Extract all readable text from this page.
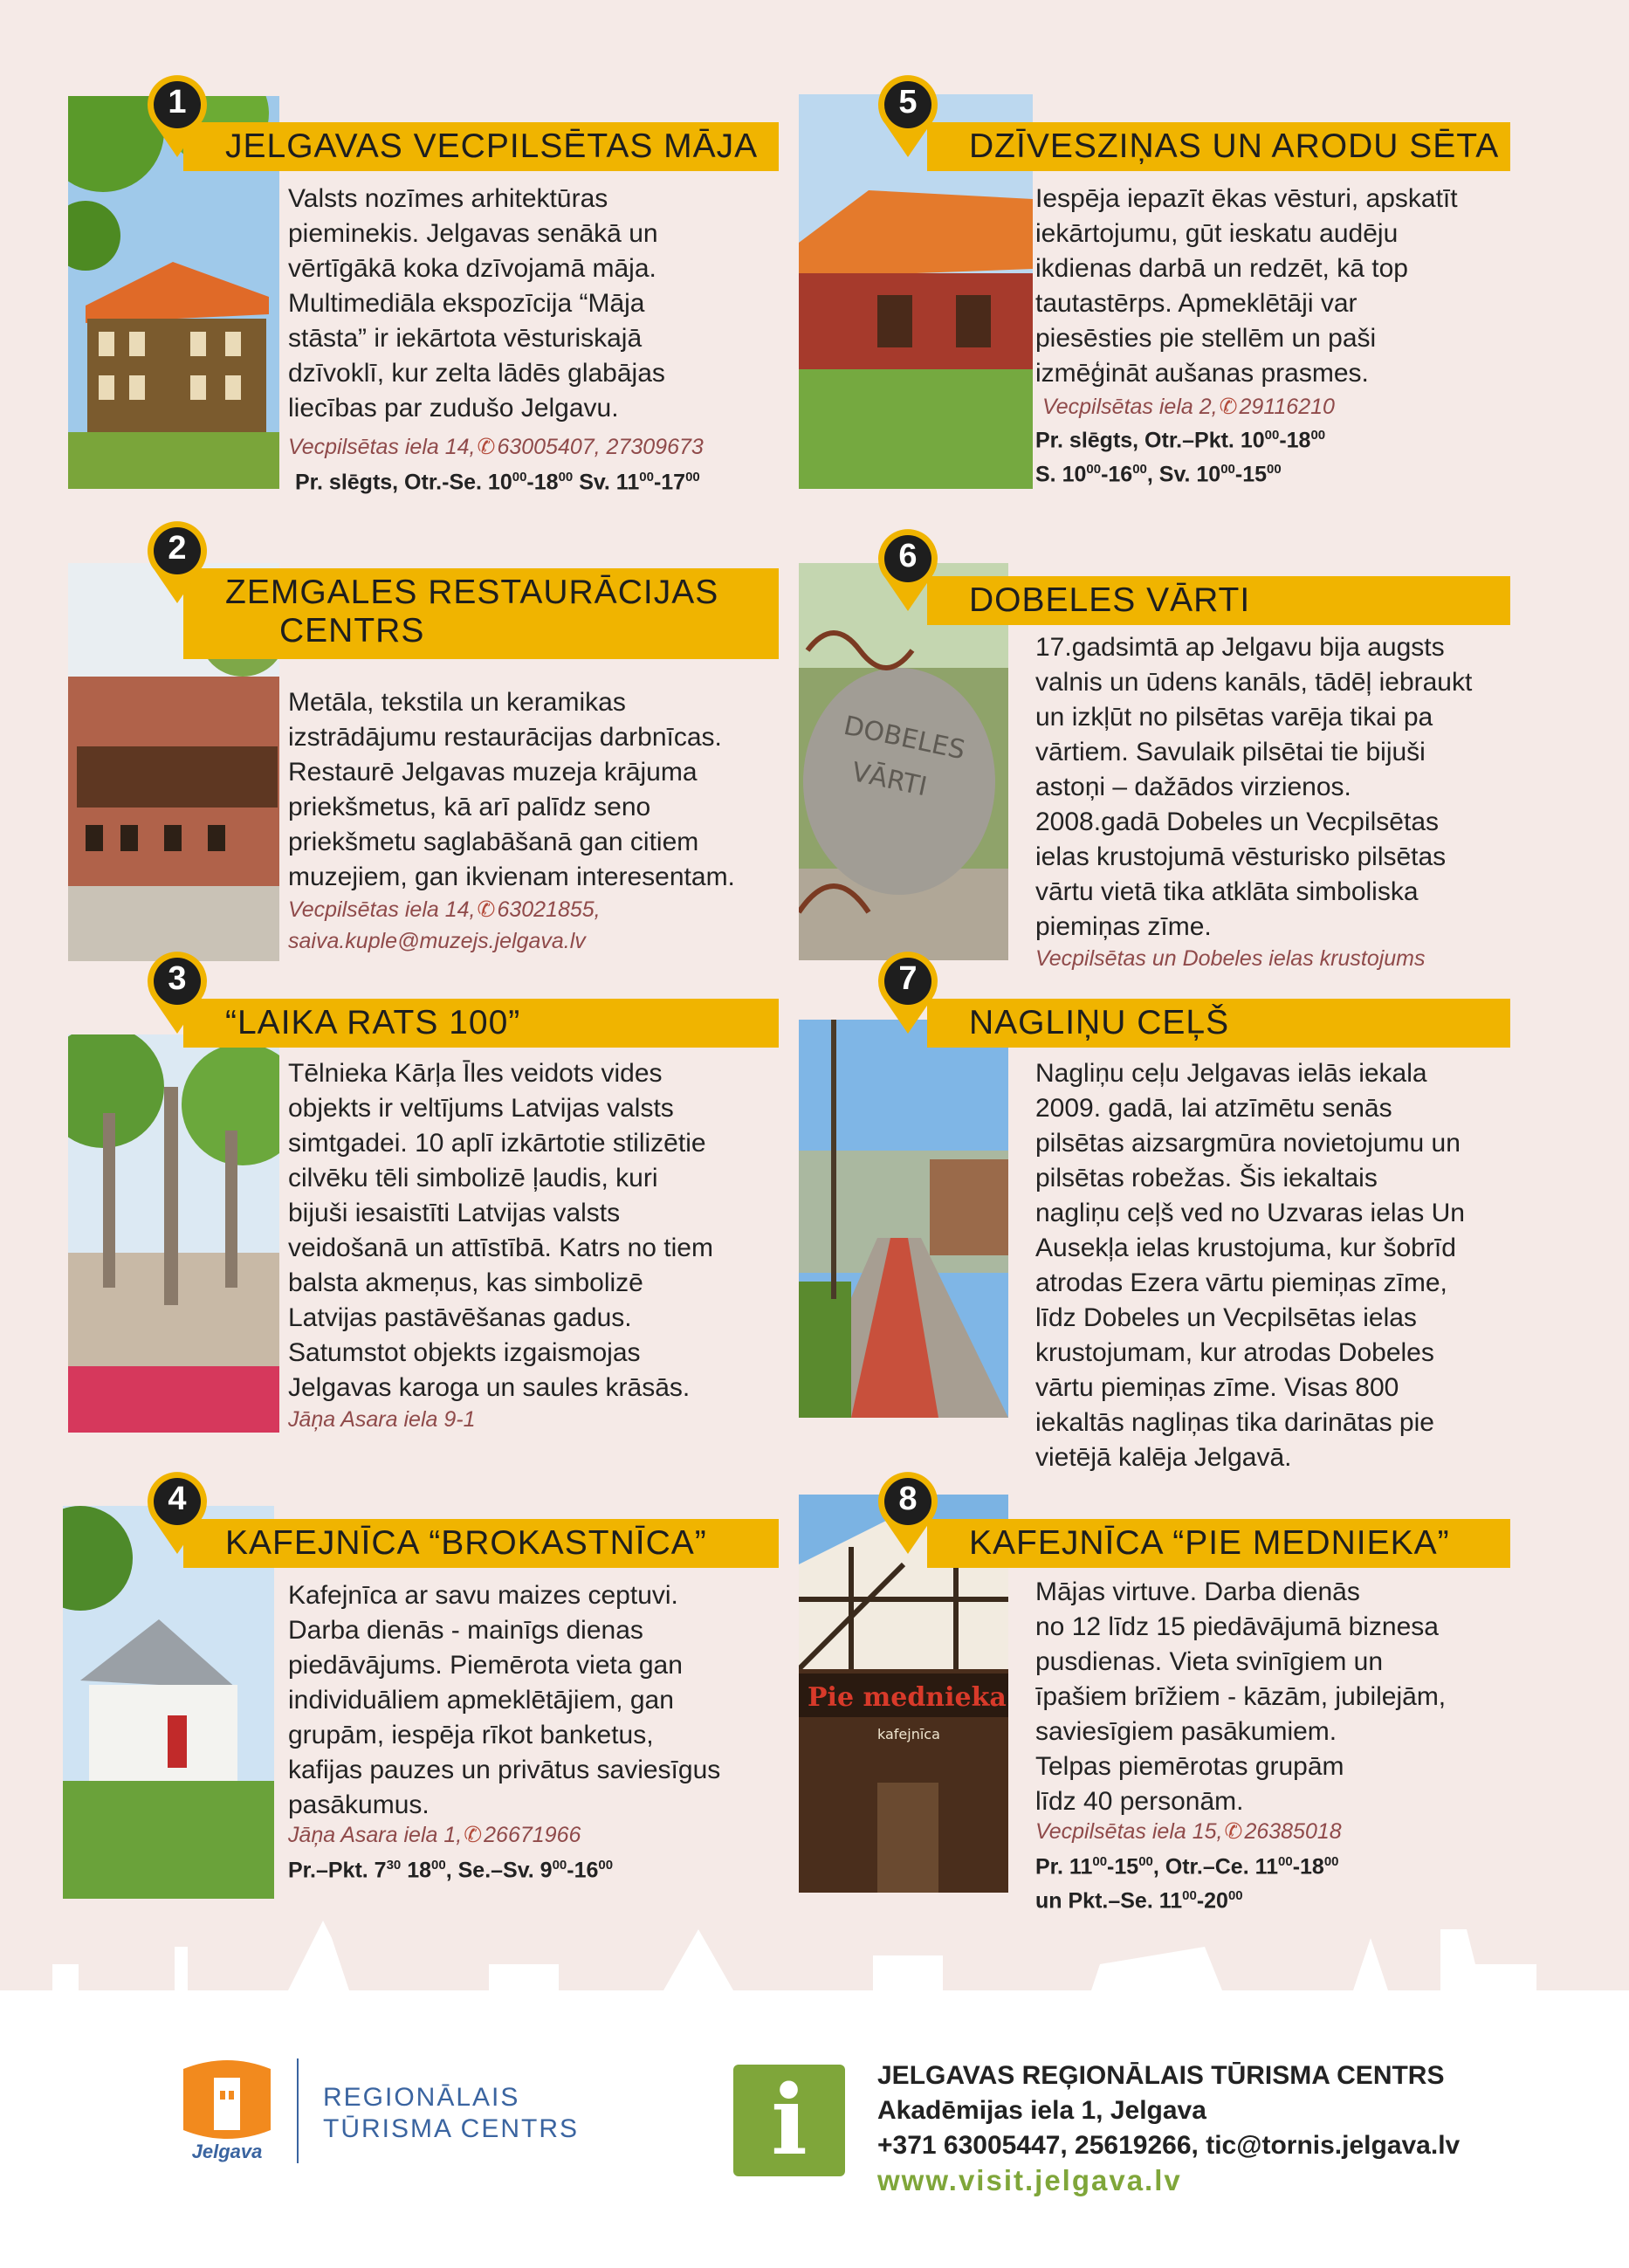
JELGAVAS VECPILSĒTAS MĀJA
1
Valsts nozīmes arhitektūras
pieminekis. Jelgavas senākā un
vērtīgākā koka dzīvojamā māja.
Multimediāla ekspozīcija “Māja
stāsta” ir iekārtota vēsturiskajā
dzīvoklī, kur zelta lādēs glabājas
liecības par zudušo Jelgavu.
Vecpilsētas iela 14,✆63005407, 27309673
Pr. slēgts, Otr.-Se. $10^{00}-18^{00}$ Sv. $11^{00}-17^{00}$
ZEMGALES RESTAURĀCIJAS
CENTRS
2
Metāla, tekstila un keramikas
izstrādājumu restaurācijas darbnīcas.
Restaurē Jelgavas muzeja krājuma
priekšmetus, kā arī palīdz seno
priekšmetu saglabāšanā gan citiem
muzejiem, gan ikvienam interesentam.
Vecpilsētas iela 14,✆63021855,
saiva.kuple@muzejs.jelgava.lv
“LAIKA RATS 100”
3
Tēlnieka Kārļa Īles veidots vides
objekts ir veltījums Latvijas valsts
simtgadei. 10 aplī izkārtotie stilizētie
cilvēku tēli simbolizē ļaudis, kuri
bijuši iesaistīti Latvijas valsts
veidošanā un attīstībā. Katrs no tiem
balsta akmeņus, kas simbolizē
Latvijas pastāvēšanas gadus.
Satumstot objekts izgaismojas
Jelgavas karoga un saules krāsās.
Jāņa Asara iela 9-1
KAFEJNĪCA “BROKASTNĪCA”
4
Kafejnīca ar savu maizes ceptuvi.
Darba dienās - mainīgs dienas
piedāvājums. Piemērota vieta gan
individuāliem apmeklētājiem, gan
grupām, iespēja rīkot banketus,
kafijas pauzes un privātus saviesīgus
pasākumus.
Jāņa Asara iela 1,✆26671966
Pr.–Pkt. $7^{30}$ $18^{00}$, Se.–Sv. $9^{00}-16^{00}$
DZĪVESZIŅAS UN ARODU SĒTA
5
Iespēja iepazīt ēkas vēsturi, apskatīt
iekārtojumu, gūt ieskatu audēju
ikdienas darbā un redzēt, kā top
tautastērps. Apmeklētāji var
piesēsties pie stellēm un paši
izmēģināt aušanas prasmes.
Vecpilsētas iela 2,✆29116210
Pr. slēgts, Otr.–Pkt. $10^{00}-18^{00}$
S. $10^{00}-16^{00}$, Sv. $10^{00}-15^{00}$
DOBELES
VĀRTI
DOBELES VĀRTI
6
17.gadsimtā ap Jelgavu bija augsts
valnis un ūdens kanāls, tādēļ iebraukt
un izkļūt no pilsētas varēja tikai pa
vārtiem. Savulaik pilsētai tie bijuši
astoņi – dažādos virzienos.
2008.gadā Dobeles un Vecpilsētas
ielas krustojumā vēsturisko pilsētas
vārtu vietā tika atklāta simboliska
piemiņas zīme.
Vecpilsētas un Dobeles ielas krustojums
NAGLIŅU CEĻŠ
7
Nagliņu ceļu Jelgavas ielās iekala
2009. gadā, lai atzīmētu senās
pilsētas aizsargmūra novietojumu un
pilsētas robežas. Šis iekaltais
nagliņu ceļš ved no Uzvaras ielas Un
Ausekļa ielas krustojuma, kur šobrīd
atrodas Ezera vārtu piemiņas zīme,
līdz Dobeles un Vecpilsētas ielas
krustojumam, kur atrodas Dobeles
vārtu piemiņas zīme. Visas 800
iekaltās nagliņas tika darinātas pie
vietējā kalēja Jelgavā.
Pie mednieka
kafejnīca
KAFEJNĪCA “PIE MEDNIEKA”
8
Mājas virtuve. Darba dienās
no 12 līdz 15 piedāvājumā biznesa
pusdienas. Vieta svinīgiem un
īpašiem brīžiem - kāzām, jubilejām,
saviesīgiem pasākumiem.
Telpas piemērotas grupām
līdz 40 personām.
Vecpilsētas iela 15,✆26385018
Pr. $11^{00}-15^{00}$, Otr.–Ce. $11^{00}-18^{00}$
un Pkt.–Se. $11^{00}-20^{00}$
Jelgava
REGIONĀLAIS
TŪRISMA CENTRS	i	JELGAVAS REĢIONĀLAIS TŪRISMA CENTRS
Akadēmijas iela 1, Jelgava
+371 63005447, 25619266, tic@tornis.jelgava.lv
www.visit.jelgava.lv
